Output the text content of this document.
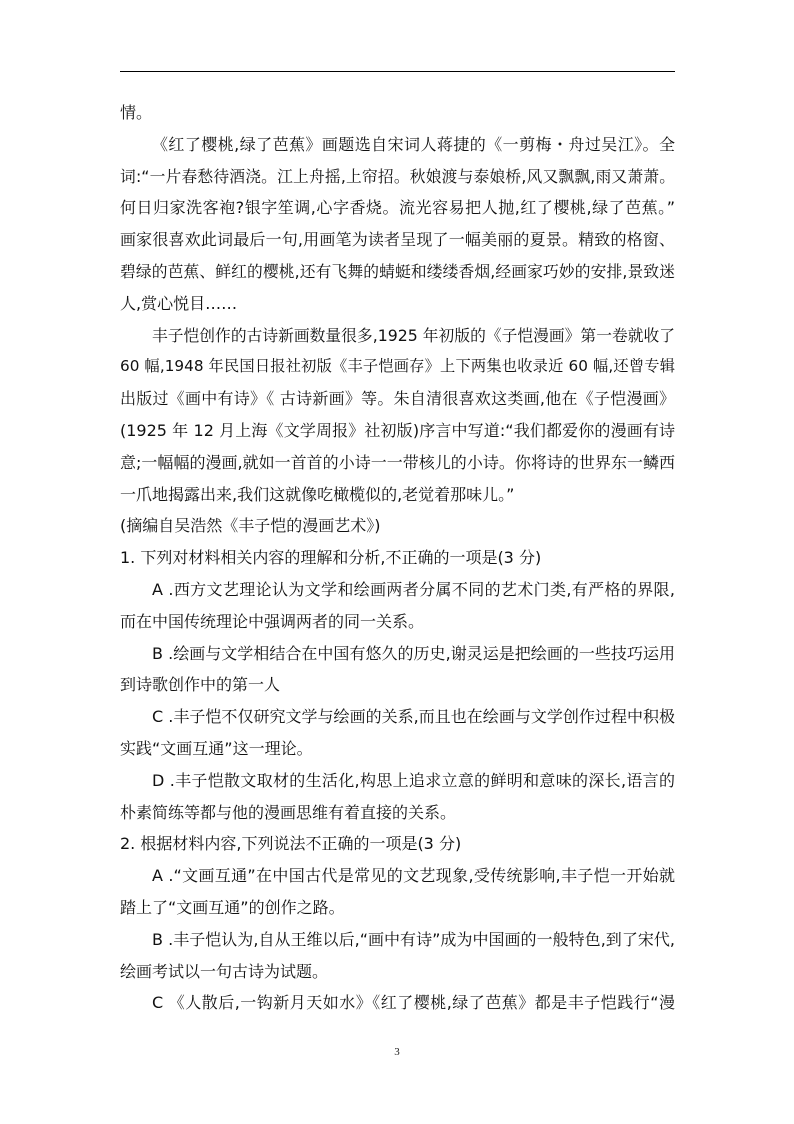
情。
《红了樱桃,绿了芭蕉》画题选自宋词人蒋捷的《一剪梅・舟过吴江》。全
词:“一片春愁待酒浇。江上舟摇,上帘招。秋娘渡与泰娘桥,风又飘飘,雨又萧萧。
何日归家洗客袍?银字笙调,心字香烧。流光容易把人抛,红了樱桃,绿了芭蕉。”
画家很喜欢此词最后一句,用画笔为读者呈现了一幅美丽的夏景。精致的格窗、
碧绿的芭蕉、鲜红的樱桃,还有飞舞的蜻蜓和缕缕香烟,经画家巧妙的安排,景致迷
人,赏心悦目……
丰子恺创作的古诗新画数量很多,1925 年初版的《子恺漫画》第一卷就收了
60 幅,1948 年民国日报社初版《丰子恺画存》上下两集也收录近 60 幅,还曾专辑
出版过《画中有诗》《 古诗新画》等。朱自清很喜欢这类画,他在《子恺漫画》
(1925 年 12 月上海《文学周报》社初版)序言中写道:“我们都爱你的漫画有诗
意;一幅幅的漫画,就如一首首的小诗一一带核儿的小诗。你将诗的世界东一鳞西
一爪地揭露出来,我们这就像吃橄榄似的,老觉着那味儿。”
(摘编自吴浩然《丰子恺的漫画艺术》)
1. 下列对材料相关内容的理解和分析,不正确的一项是(3 分)
A .西方文艺理论认为文学和绘画两者分属不同的艺术门类,有严格的界限,
而在中国传统理论中强调两者的同一关系。
B .绘画与文学相结合在中国有悠久的历史,谢灵运是把绘画的一些技巧运用
到诗歌创作中的第一人
C .丰子恺不仅研究文学与绘画的关系,而且也在绘画与文学创作过程中积极
实践“文画互通”这一理论。
D .丰子恺散文取材的生活化,构思上追求立意的鲜明和意味的深长,语言的
朴素简练等都与他的漫画思维有着直接的关系。
2. 根据材料内容,下列说法不正确的一项是(3 分)
A .“文画互通”在中国古代是常见的文艺现象,受传统影响,丰子恺一开始就
踏上了“文画互通”的创作之路。
B .丰子恺认为,自从王维以后,“画中有诗”成为中国画的一般特色,到了宋代,
绘画考试以一句古诗为试题。
C 《人散后,一钩新月天如水》《红了樱桃,绿了芭蕉》都是丰子恺践行“漫
3
